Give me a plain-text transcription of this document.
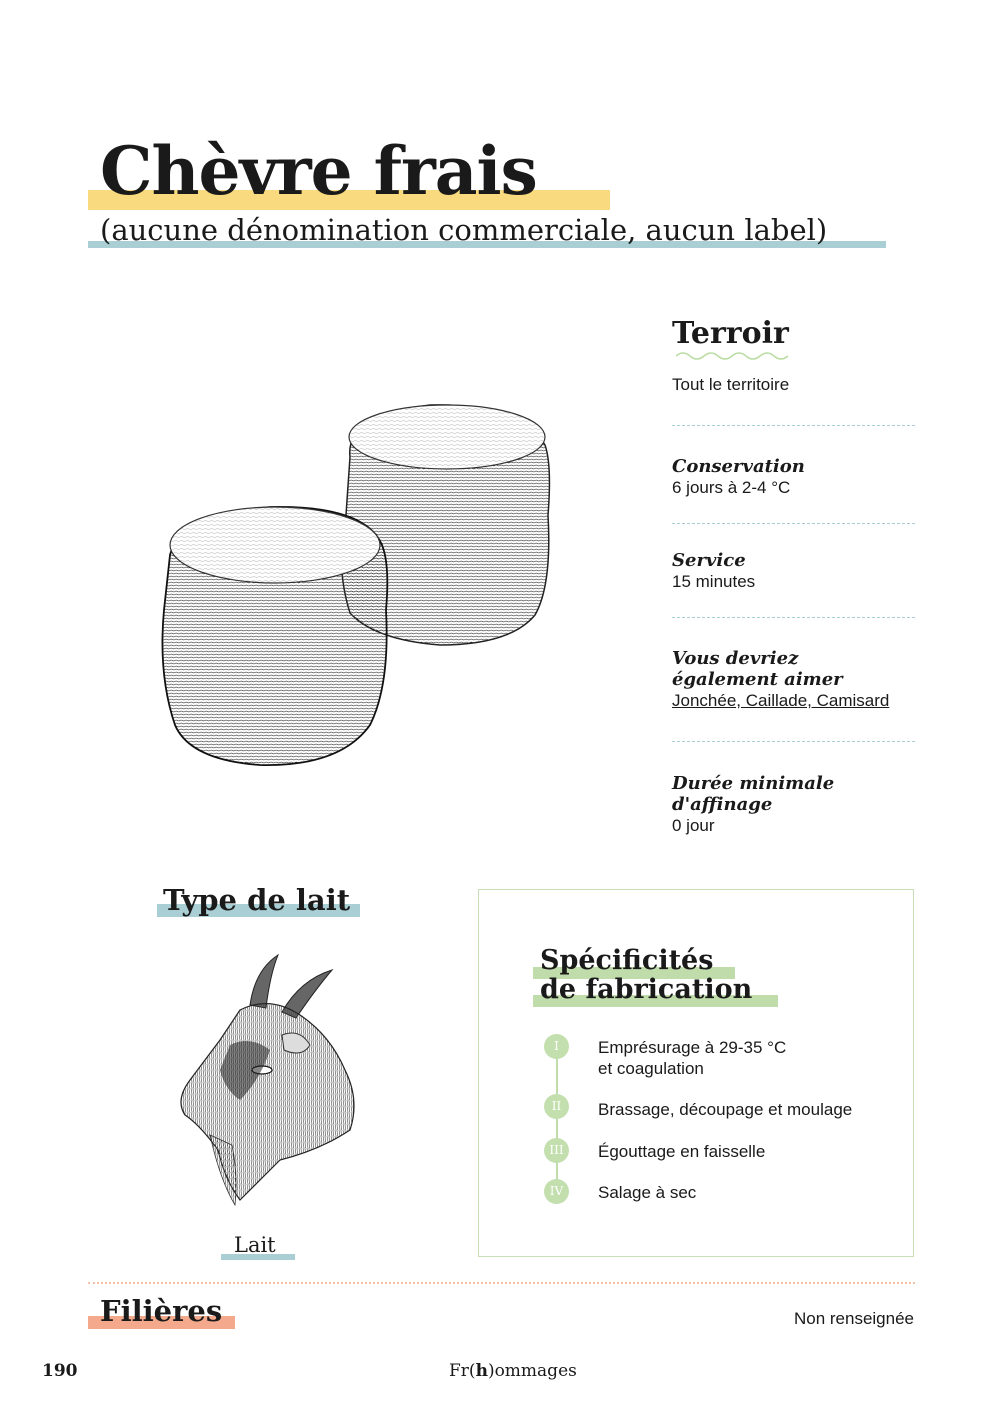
Chèvre frais
(aucune dénomination commerciale, aucun label)
Terroir
Tout le territoire
Conservation
6 jours à 2-4 °C
Service
15 minutes
Vous devriez
également aimer
Jonchée, Caillade, Camisard
Durée minimale
d'affinage
0 jour
Type de lait
Lait
Spécificités
de fabrication
I	Emprésurage à 29-35 °C
et coagulation
II	Brassage, découpage et moulage
III	Égouttage en faisselle
IV	Salage à sec
Filières	Non renseignée
190	Fr(h)ommages
